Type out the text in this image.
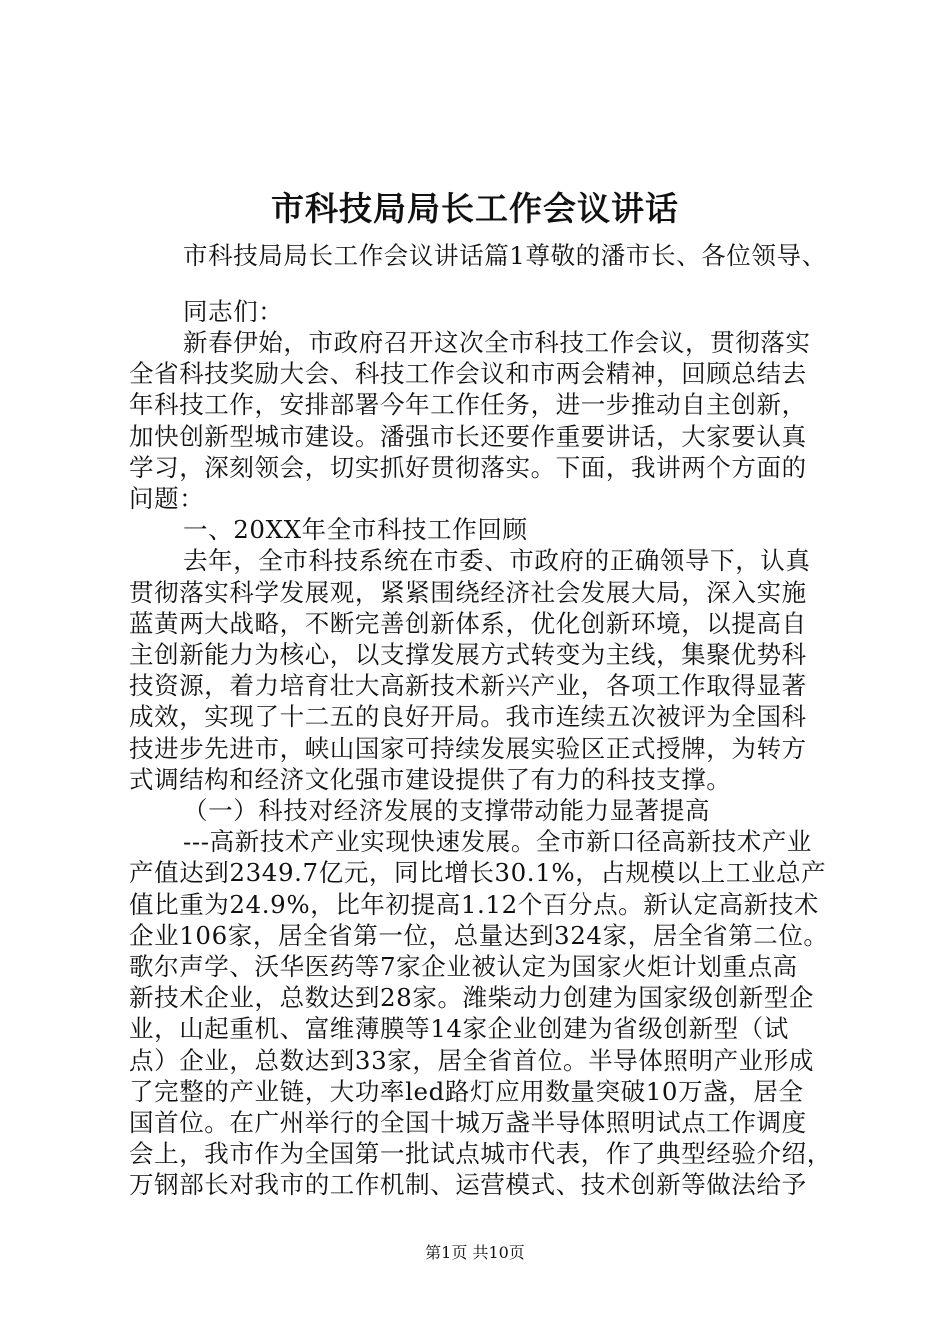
市科技局局长工作会议讲话
市科技局局长工作会议讲话篇1尊敬的潘市长、各位领导、
同志们：
新春伊始，市政府召开这次全市科技工作会议，贯彻落实
全省科技奖励大会、科技工作会议和市两会精神，回顾总结去
年科技工作，安排部署今年工作任务，进一步推动自主创新，
加快创新型城市建设。潘强市长还要作重要讲话，大家要认真
学习，深刻领会，切实抓好贯彻落实。下面，我讲两个方面的
问题：
一、20XX年全市科技工作回顾
去年，全市科技系统在市委、市政府的正确领导下，认真
贯彻落实科学发展观，紧紧围绕经济社会发展大局，深入实施
蓝黄两大战略，不断完善创新体系，优化创新环境，以提高自
主创新能力为核心，以支撑发展方式转变为主线，集聚优势科
技资源，着力培育壮大高新技术新兴产业，各项工作取得显著
成效，实现了十二五的良好开局。我市连续五次被评为全国科
技进步先进市，峡山国家可持续发展实验区正式授牌，为转方
式调结构和经济文化强市建设提供了有力的科技支撑。
（一）科技对经济发展的支撑带动能力显著提高
---高新技术产业实现快速发展。全市新口径高新技术产业
产值达到2349.7亿元，同比增长30.1%，占规模以上工业总产
值比重为24.9%，比年初提高1.12个百分点。新认定高新技术
企业106家，居全省第一位，总量达到324家，居全省第二位。
歌尔声学、沃华医药等7家企业被认定为国家火炬计划重点高
新技术企业，总数达到28家。潍柴动力创建为国家级创新型企
业，山起重机、富维薄膜等14家企业创建为省级创新型（试
点）企业，总数达到33家，居全省首位。半导体照明产业形成
了完整的产业链，大功率led路灯应用数量突破10万盏，居全
国首位。在广州举行的全国十城万盏半导体照明试点工作调度
会上，我市作为全国第一批试点城市代表，作了典型经验介绍，
万钢部长对我市的工作机制、运营模式、技术创新等做法给予
第1页 共10页
